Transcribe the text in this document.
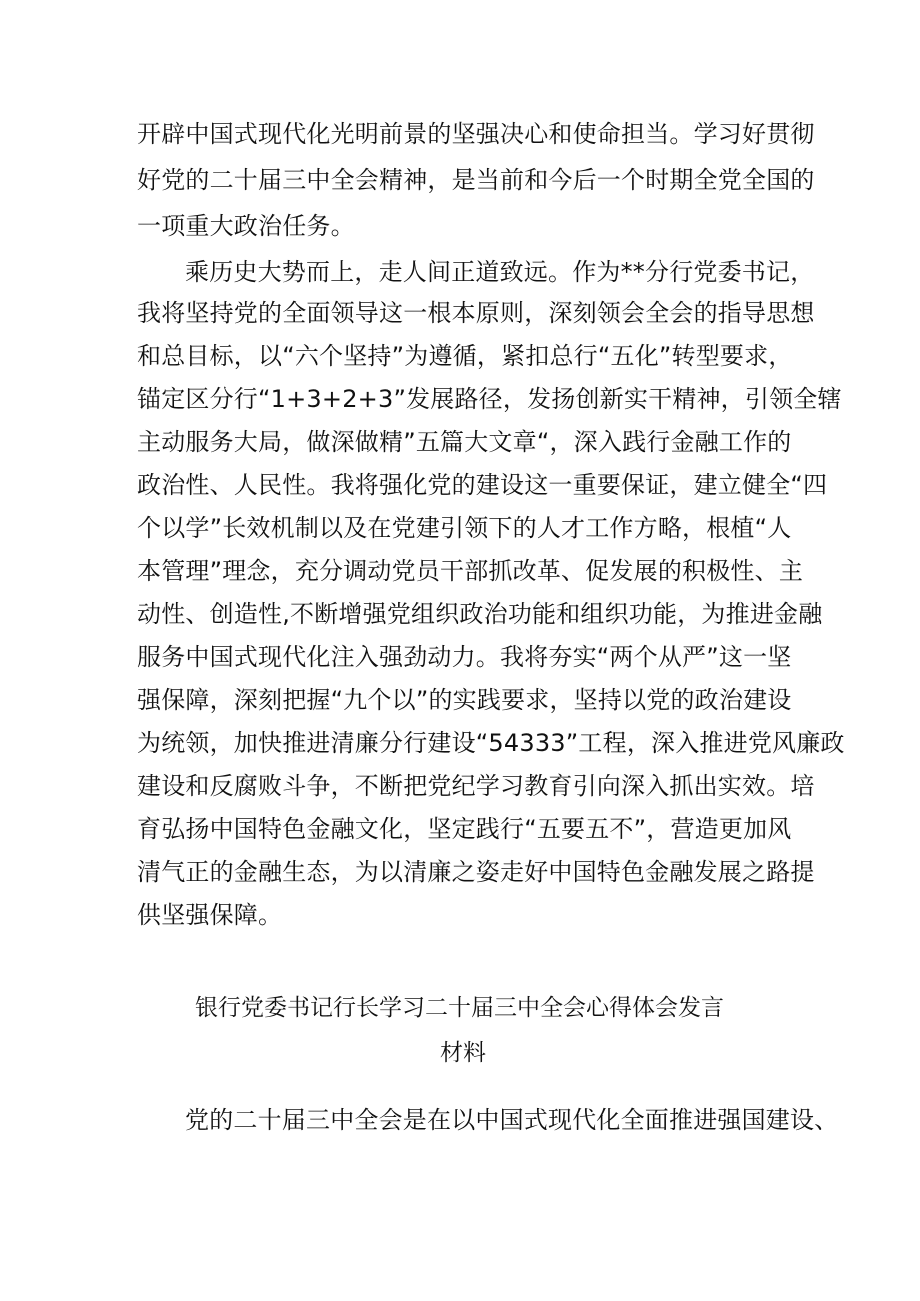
开辟中国式现代化光明前景的坚强决心和使命担当。学习好贯彻
好党的二十届三中全会精神，是当前和今后一个时期全党全国的
一项重大政治任务。
乘历史大势而上，走人间正道致远。作为**分行党委书记，
我将坚持党的全面领导这一根本原则，深刻领会全会的指导思想
和总目标，以“六个坚持”为遵循，紧扣总行“五化”转型要求，
锚定区分行“1+3+2+3”发展路径，发扬创新实干精神，引领全辖
主动服务大局，做深做精”五篇大文章“，深入践行金融工作的
政治性、人民性。我将强化党的建设这一重要保证，建立健全“四
个以学”长效机制以及在党建引领下的人才工作方略，根植“人
本管理”理念，充分调动党员干部抓改革、促发展的积极性、主
动性、创造性,不断增强党组织政治功能和组织功能，为推进金融
服务中国式现代化注入强劲动力。我将夯实“两个从严”这一坚
强保障，深刻把握“九个以”的实践要求，坚持以党的政治建设
为统领，加快推进清廉分行建设“54333”工程，深入推进党风廉政
建设和反腐败斗争，不断把党纪学习教育引向深入抓出实效。培
育弘扬中国特色金融文化，坚定践行“五要五不”，营造更加风
清气正的金融生态，为以清廉之姿走好中国特色金融发展之路提
供坚强保障。
银行党委书记行长学习二十届三中全会心得体会发言
材料
党的二十届三中全会是在以中国式现代化全面推进强国建设、
